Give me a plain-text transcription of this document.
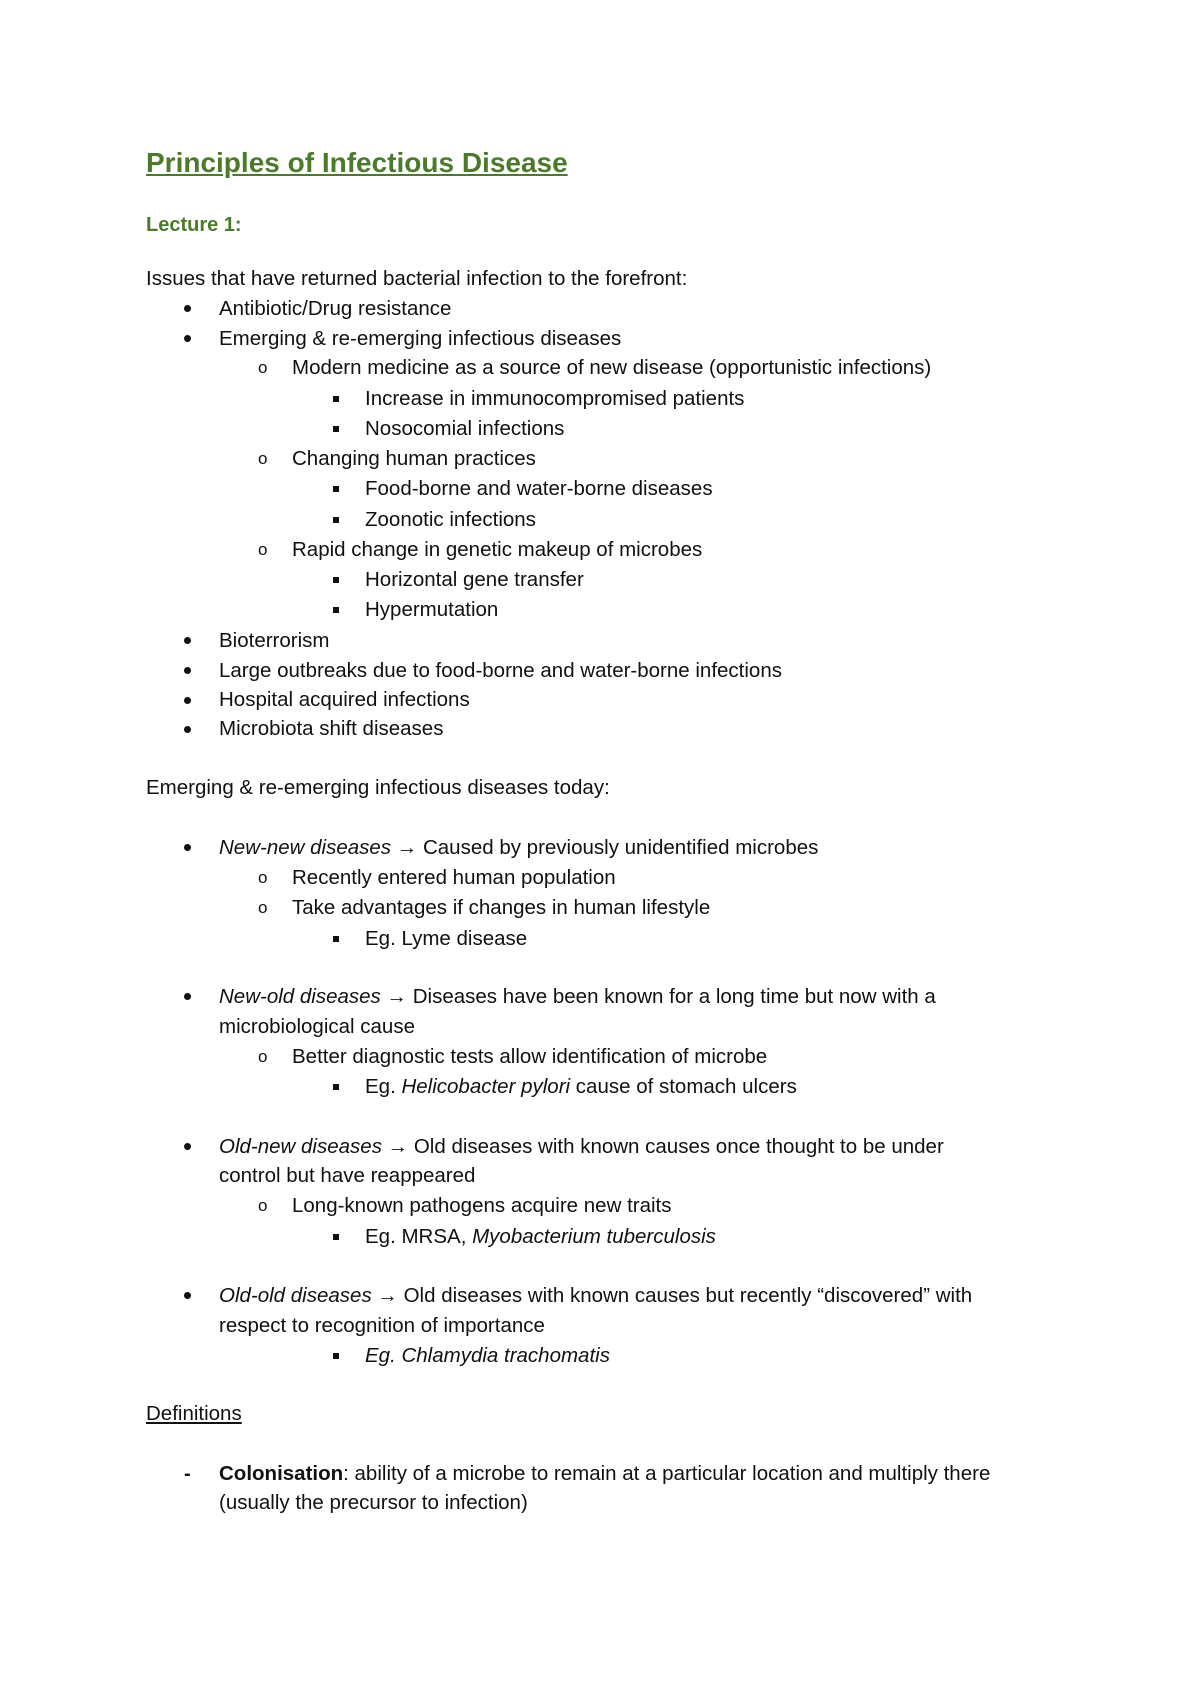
Principles of Infectious Disease
Lecture 1:

Issues that have returned bacterial infection to the forefront:

Antibiotic/Drug resistance

Emerging & re-emerging infectious diseases

o Modern medicine as a source of new disease (opportunistic infections)

Increase in immunocompromised patients

Nosocomial infections

o Changing human practices

Food-borne and water-borne diseases

Zoonotic infections

o Rapid change in genetic makeup of microbes

Horizontal gene transfer

Hypermutation

Bioterrorism

Large outbreaks due to food-borne and water-borne infections

Hospital acquired infections

Microbiota shift diseases

Emerging & re-emerging infectious diseases today:

New-new diseases → Caused by previously unidentified microbes

o Recently entered human population

o Take advantages if changes in human lifestyle

Eg. Lyme disease

New-old diseases → Diseases have been known for a long time but now with a

microbiological cause

o Better diagnostic tests allow identification of microbe

Eg. Helicobacter pylori cause of stomach ulcers

Old-new diseases → Old diseases with known causes once thought to be under

control but have reappeared

o Long-known pathogens acquire new traits

Eg. MRSA, Myobacterium tuberculosis

Old-old diseases → Old diseases with known causes but recently “discovered” with

respect to recognition of importance

Eg. Chlamydia trachomatis

Definitions

- Colonisation: ability of a microbe to remain at a particular location and multiply there

(usually the precursor to infection)
